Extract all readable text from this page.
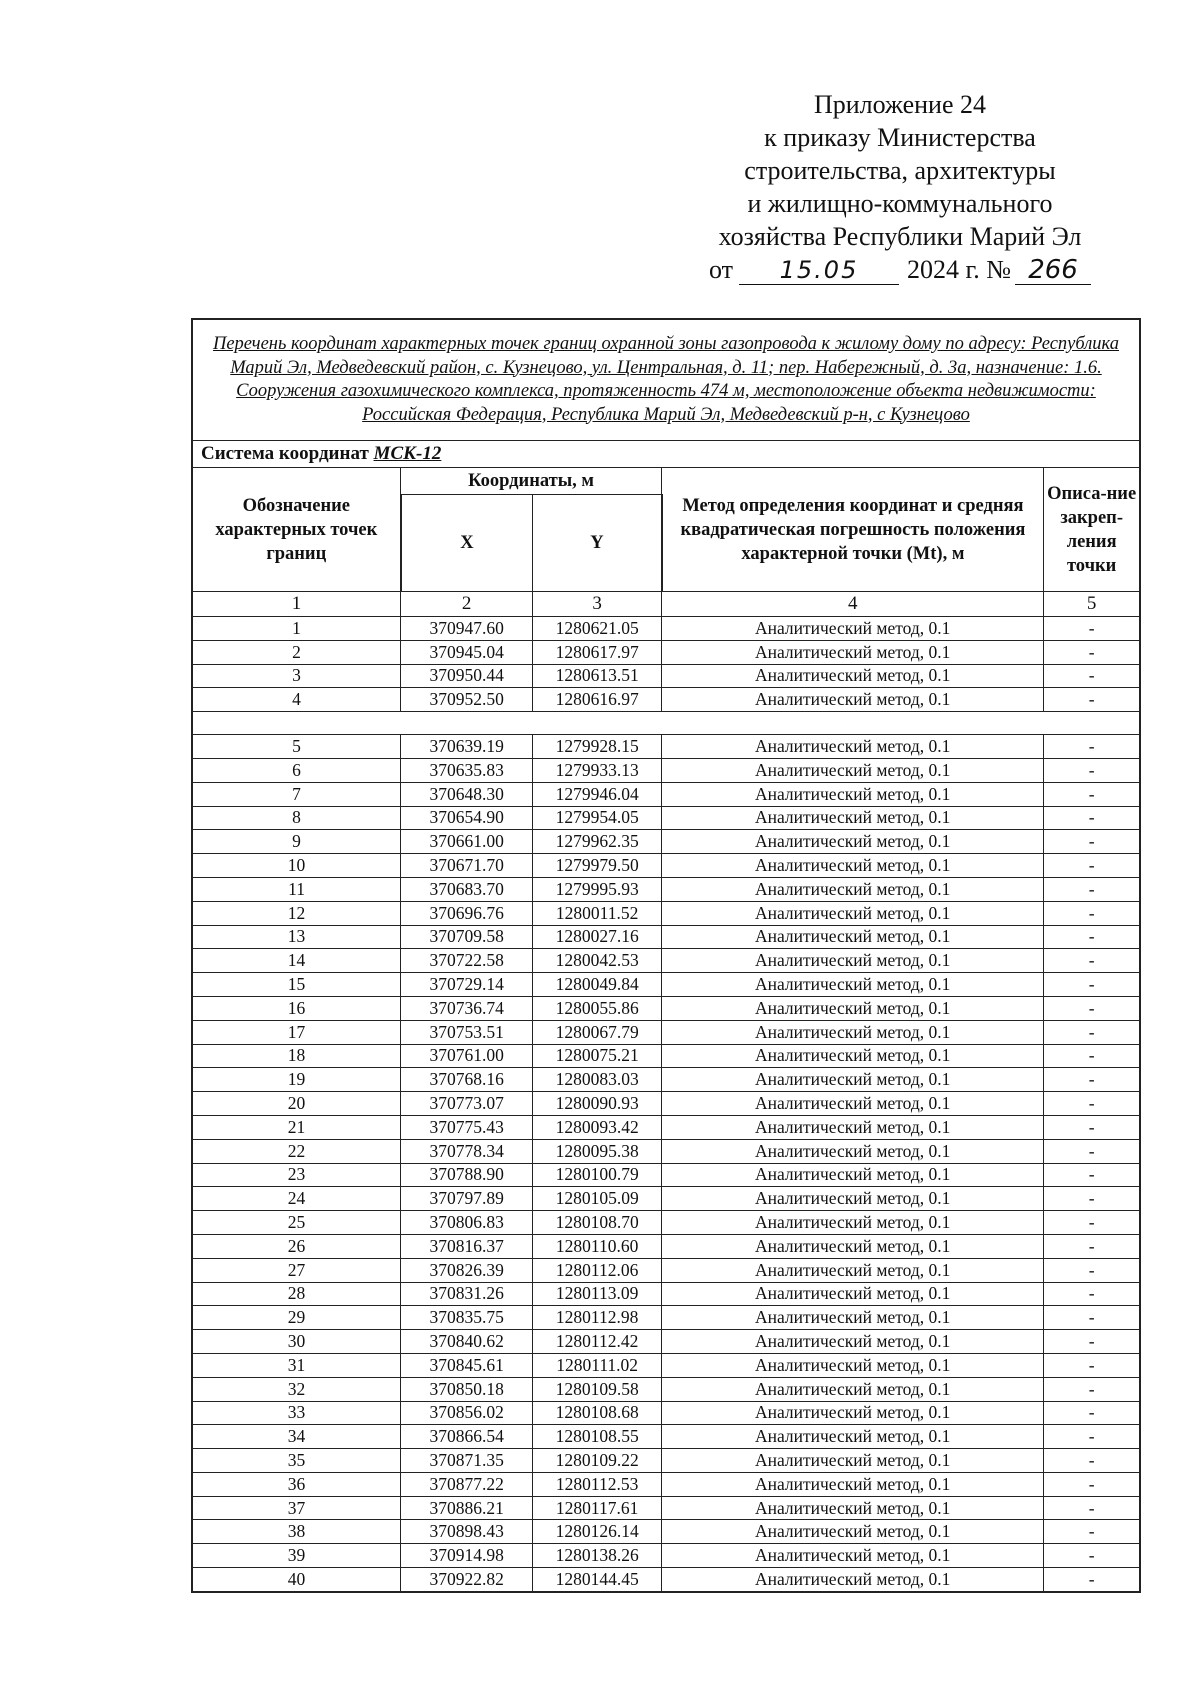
Приложение 24
к приказу Министерства
строительства, архитектуры
и жилищно-коммунального
хозяйства Республики Марий Эл
от	15.05	2024 г. № 266
Перечень координат характерных точек границ охранной зоны газопровода к жилому дому по адресу: Республика Марий Эл, Медведевский район, с. Кузнецово, ул. Центральная, д. 11; пер. Набережный, д. 3а, назначение: 1.6. Сооружения газохимического комплекса, протяженность 474 м, местоположение объекта недвижимости: Российская Федерация, Республика Марий Эл, Медведевский р-н, с Кузнецово				
Система координат МСК-12				
Обозначение характерных точек границ	Координаты, м		Метод определения координат и средняя квадратическая погрешность положения характерной точки (Mt), м	Описа-ние закреп-ления точки
	X	Y		
1	2	3	4	5
1	370947.60	1280621.05	Аналитический метод, 0.1	-
2	370945.04	1280617.97	Аналитический метод, 0.1	-
3	370950.44	1280613.51	Аналитический метод, 0.1	-
4	370952.50	1280616.97	Аналитический метод, 0.1	-

5	370639.19	1279928.15	Аналитический метод, 0.1	-
6	370635.83	1279933.13	Аналитический метод, 0.1	-
7	370648.30	1279946.04	Аналитический метод, 0.1	-
8	370654.90	1279954.05	Аналитический метод, 0.1	-
9	370661.00	1279962.35	Аналитический метод, 0.1	-
10	370671.70	1279979.50	Аналитический метод, 0.1	-
11	370683.70	1279995.93	Аналитический метод, 0.1	-
12	370696.76	1280011.52	Аналитический метод, 0.1	-
13	370709.58	1280027.16	Аналитический метод, 0.1	-
14	370722.58	1280042.53	Аналитический метод, 0.1	-
15	370729.14	1280049.84	Аналитический метод, 0.1	-
16	370736.74	1280055.86	Аналитический метод, 0.1	-
17	370753.51	1280067.79	Аналитический метод, 0.1	-
18	370761.00	1280075.21	Аналитический метод, 0.1	-
19	370768.16	1280083.03	Аналитический метод, 0.1	-
20	370773.07	1280090.93	Аналитический метод, 0.1	-
21	370775.43	1280093.42	Аналитический метод, 0.1	-
22	370778.34	1280095.38	Аналитический метод, 0.1	-
23	370788.90	1280100.79	Аналитический метод, 0.1	-
24	370797.89	1280105.09	Аналитический метод, 0.1	-
25	370806.83	1280108.70	Аналитический метод, 0.1	-
26	370816.37	1280110.60	Аналитический метод, 0.1	-
27	370826.39	1280112.06	Аналитический метод, 0.1	-
28	370831.26	1280113.09	Аналитический метод, 0.1	-
29	370835.75	1280112.98	Аналитический метод, 0.1	-
30	370840.62	1280112.42	Аналитический метод, 0.1	-
31	370845.61	1280111.02	Аналитический метод, 0.1	-
32	370850.18	1280109.58	Аналитический метод, 0.1	-
33	370856.02	1280108.68	Аналитический метод, 0.1	-
34	370866.54	1280108.55	Аналитический метод, 0.1	-
35	370871.35	1280109.22	Аналитический метод, 0.1	-
36	370877.22	1280112.53	Аналитический метод, 0.1	-
37	370886.21	1280117.61	Аналитический метод, 0.1	-
38	370898.43	1280126.14	Аналитический метод, 0.1	-
39	370914.98	1280138.26	Аналитический метод, 0.1	-
40	370922.82	1280144.45	Аналитический метод, 0.1	-
